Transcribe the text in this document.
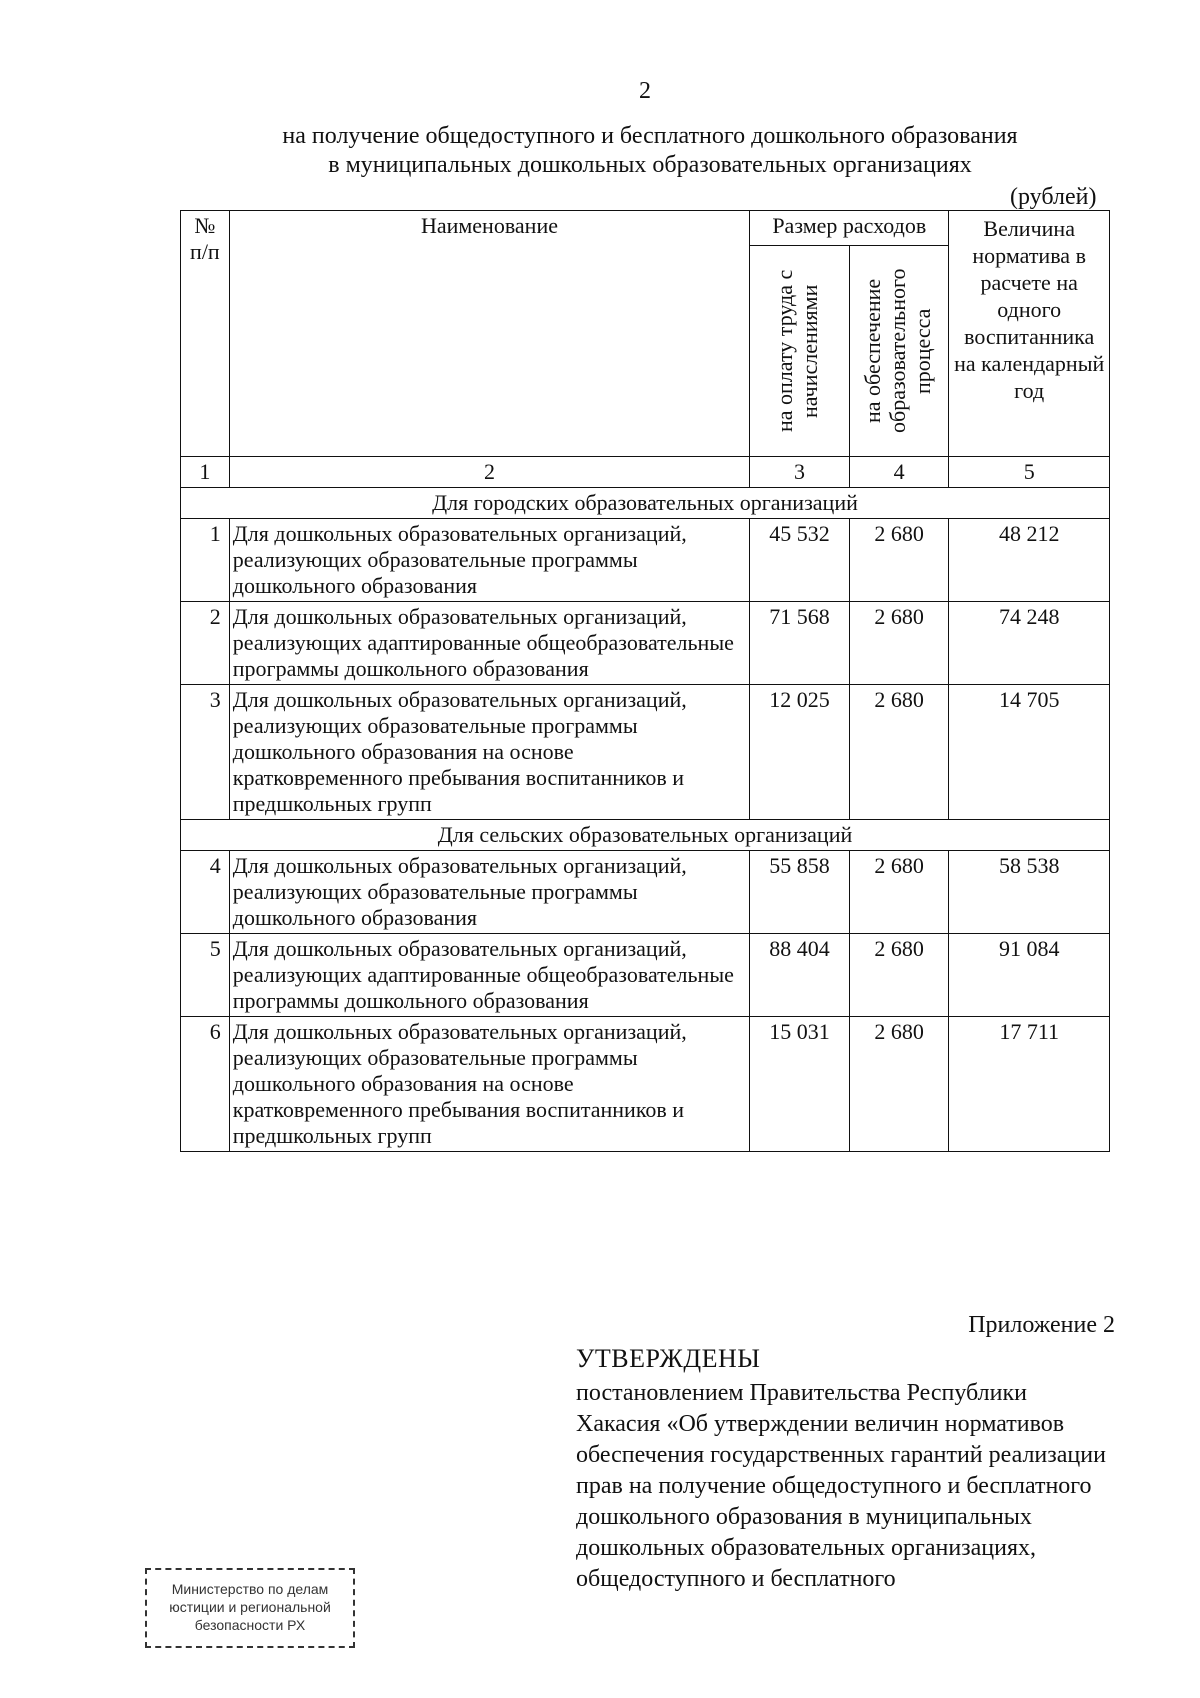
2
на получение общедоступного и бесплатного дошкольного образования
в муниципальных дошкольных образовательных организациях
(рублей)
№ п/п	Наименование	Размер расходов		Величина норматива в расчете на одного воспитанника на календарный год

		на оплату труда с начислениями	на обеспечение образовательного процесса	

1	2	3	4	5
Для городских образовательных организаций				
1	Для дошкольных образовательных организаций, реализующих образовательные программы дошкольного образования	45 532	2 680	48 212
2	Для дошкольных образовательных организаций, реализующих адаптированные общеобразовательные программы дошкольного образования	71 568	2 680	74 248
3	Для дошкольных образовательных организаций, реализующих образовательные программы дошкольного образования на основе кратковременного пребывания воспитанников и предшкольных групп	12 025	2 680	14 705
Для сельских образовательных организаций				
4	Для дошкольных образовательных организаций, реализующих образовательные программы дошкольного образования	55 858	2 680	58 538
5	Для дошкольных образовательных организаций, реализующих адаптированные общеобразовательные программы дошкольного образования	88 404	2 680	91 084
6	Для дошкольных образовательных организаций, реализующих образовательные программы дошкольного образования на основе кратковременного пребывания воспитанников и предшкольных групп	15 031	2 680	17 711
Приложение 2
УТВЕРЖДЕНЫ
постановлением Правительства Республики Хакасия «Об утверждении величин нормативов обеспечения государственных гарантий реализации прав на получение общедоступного и бесплатного дошкольного образования в муниципальных дошкольных образовательных организациях, общедоступного и бесплатного
Министерство по делам
юстиции и региональной
безопасности РХ
